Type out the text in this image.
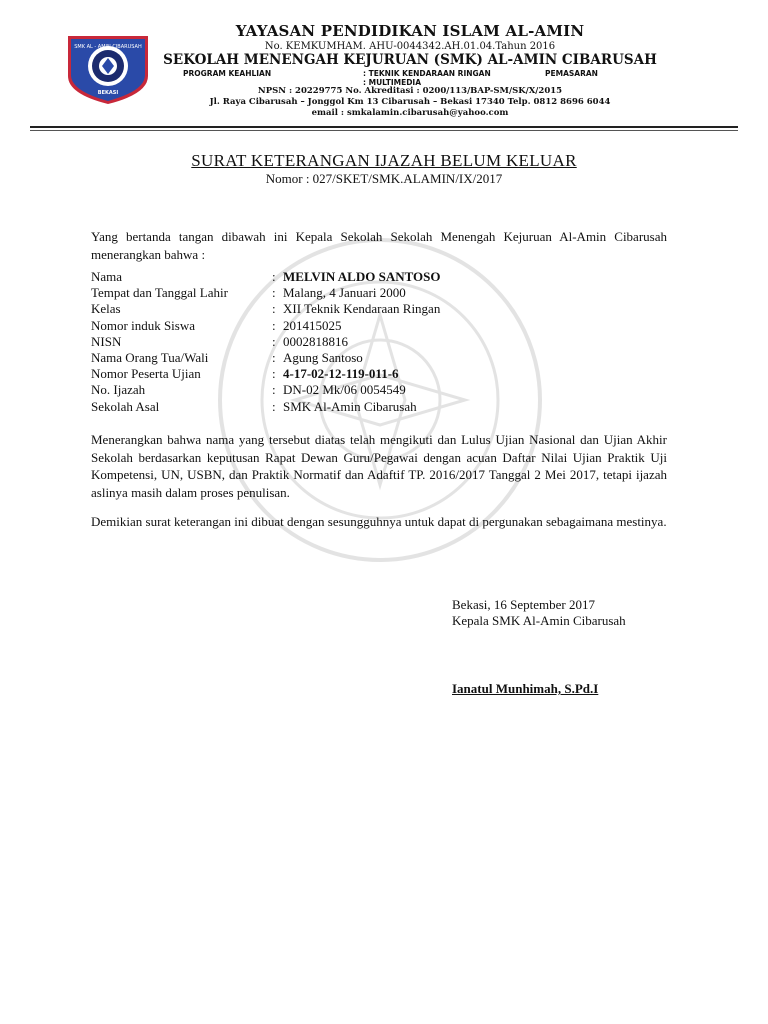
SMK AL - AMIN CIBARUSAH
BEKASI
YAYASAN PENDIDIKAN ISLAM AL-AMIN
No. KEMKUMHAM. AHU-0044342.AH.01.04.Tahun 2016
SEKOLAH MENENGAH KEJURUAN (SMK) AL-AMIN CIBARUSAH
PROGRAM KEAHLIAN	: TEKNIK KENDARAAN RINGAN	PEMASARAN
: MULTIMEDIA
NPSN : 20229775 No. Akreditasi : 0200/113/BAP-SM/SK/X/2015
Jl. Raya Cibarusah – Jonggol Km 13 Cibarusah – Bekasi 17340 Telp. 0812 8696 6044
email : smkalamin.cibarusah@yahoo.com
SURAT KETERANGAN IJAZAH BELUM KELUAR
Nomor : 027/SKET/SMK.ALAMIN/IX/2017
Yang bertanda tangan dibawah ini Kepala Sekolah Sekolah Menengah Kejuruan Al-Amin Cibarusah menerangkan bahwa :
Nama	: MELVIN ALDO SANTOSO
Tempat dan Tanggal Lahir	: Malang, 4 Januari 2000
Kelas	: XII Teknik Kendaraan Ringan
Nomor induk Siswa	: 201415025
NISN	: 0002818816
Nama Orang Tua/Wali	: Agung Santoso
Nomor Peserta Ujian	: 4-17-02-12-119-011-6
No. Ijazah	: DN-02 Mk/06 0054549
Sekolah Asal	: SMK Al-Amin Cibarusah
Menerangkan bahwa nama yang tersebut diatas telah mengikuti dan Lulus Ujian Nasional dan Ujian Akhir Sekolah berdasarkan keputusan Rapat Dewan Guru/Pegawai dengan acuan Daftar Nilai Ujian Praktik Uji Kompetensi, UN, USBN, dan Praktik Normatif dan Adaftif TP. 2016/2017 Tanggal 2 Mei 2017, tetapi ijazah aslinya masih dalam proses penulisan.
Demikian surat keterangan ini dibuat dengan sesungguhnya untuk dapat di pergunakan sebagaimana mestinya.
Bekasi, 16 September 2017
Kepala SMK Al-Amin Cibarusah
Ianatul Munhimah, S.Pd.I
